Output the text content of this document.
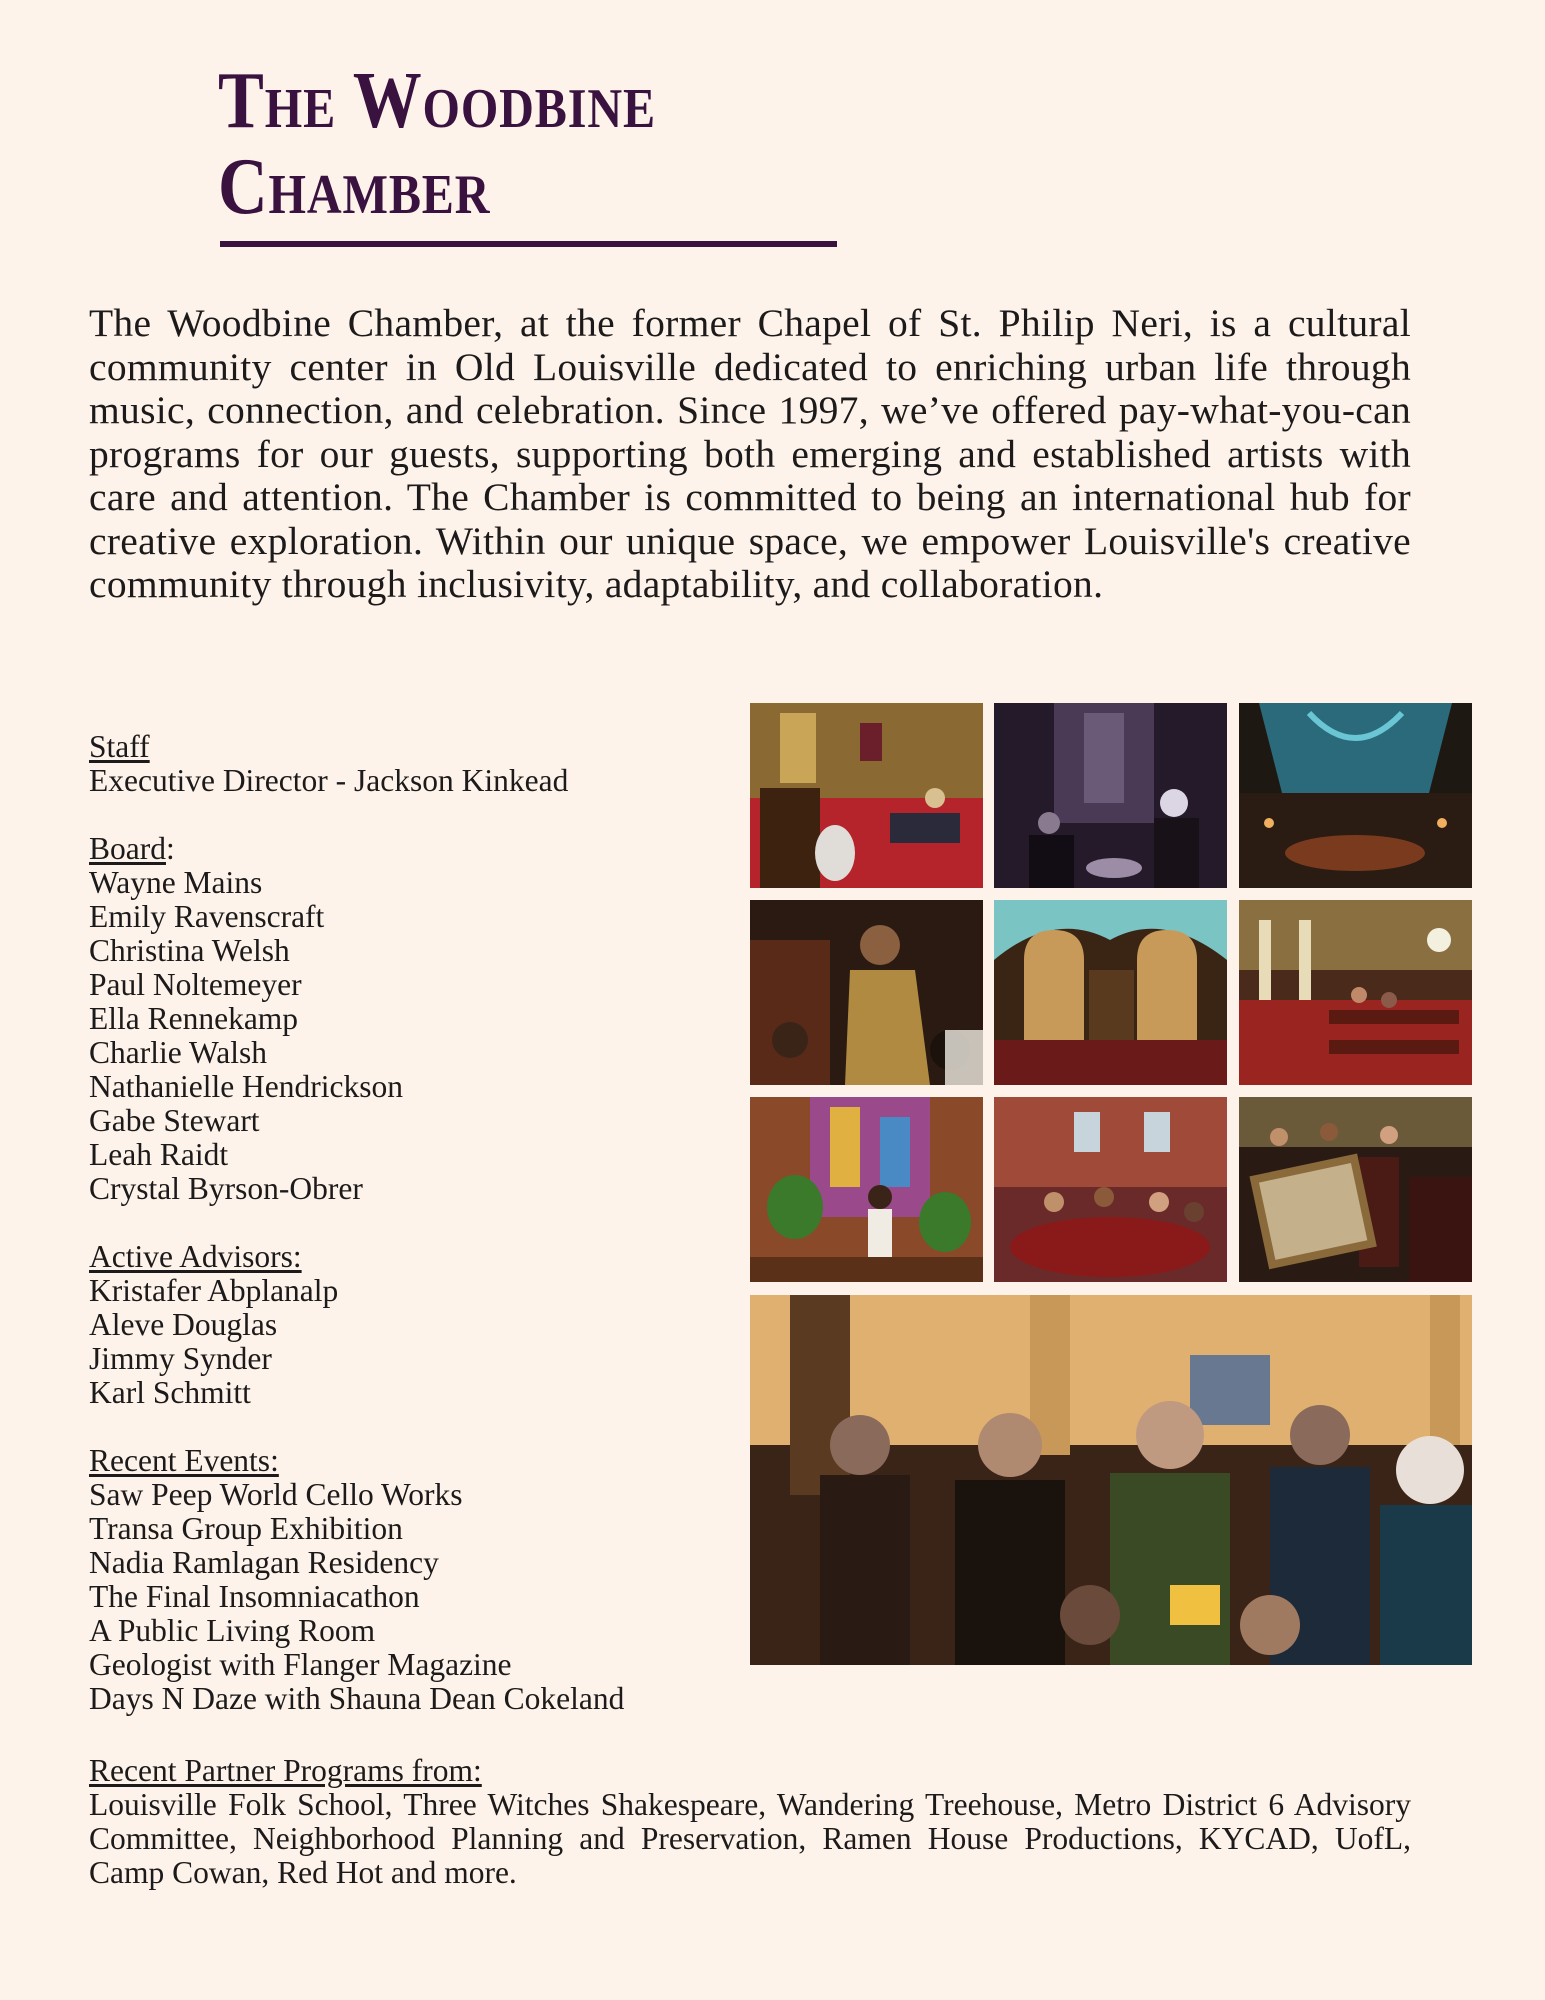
The Woodbine
Chamber

The Woodbine Chamber, at the former Chapel of St. Philip Neri, is a cultural community center in Old Louisville dedicated to enriching urban life through music, connection, and celebration. Since 1997, we’ve offered pay-what-you-can programs for our guests, supporting both emerging and established artists with care and attention. The Chamber is committed to being an international hub for creative exploration. Within our unique space, we empower Louisville's creative community through inclusivity, adaptability, and collaboration.

Staff
Executive Director - Jackson Kinkead
Board:
Wayne Mains
Emily Ravenscraft
Christina Welsh
Paul Noltemeyer
Ella Rennekamp
Charlie Walsh
Nathanielle Hendrickson
Gabe Stewart
Leah Raidt
Crystal Byrson-Obrer
Active Advisors:
Kristafer Abplanalp
Aleve Douglas
Jimmy Synder
Karl Schmitt
Recent Events:
Saw Peep World Cello Works
Transa Group Exhibition
Nadia Ramlagan Residency
The Final Insomniacathon
A Public Living Room
Geologist with Flanger Magazine
Days N Daze with Shauna Dean Cokeland
Recent Partner Programs from:
Louisville Folk School, Three Witches Shakespeare, Wandering Treehouse, Metro District 6 Advisory Committee, Neighborhood Planning and Preservation, Ramen House Productions, KYCAD, UofL, Camp Cowan, Red Hot and more.
